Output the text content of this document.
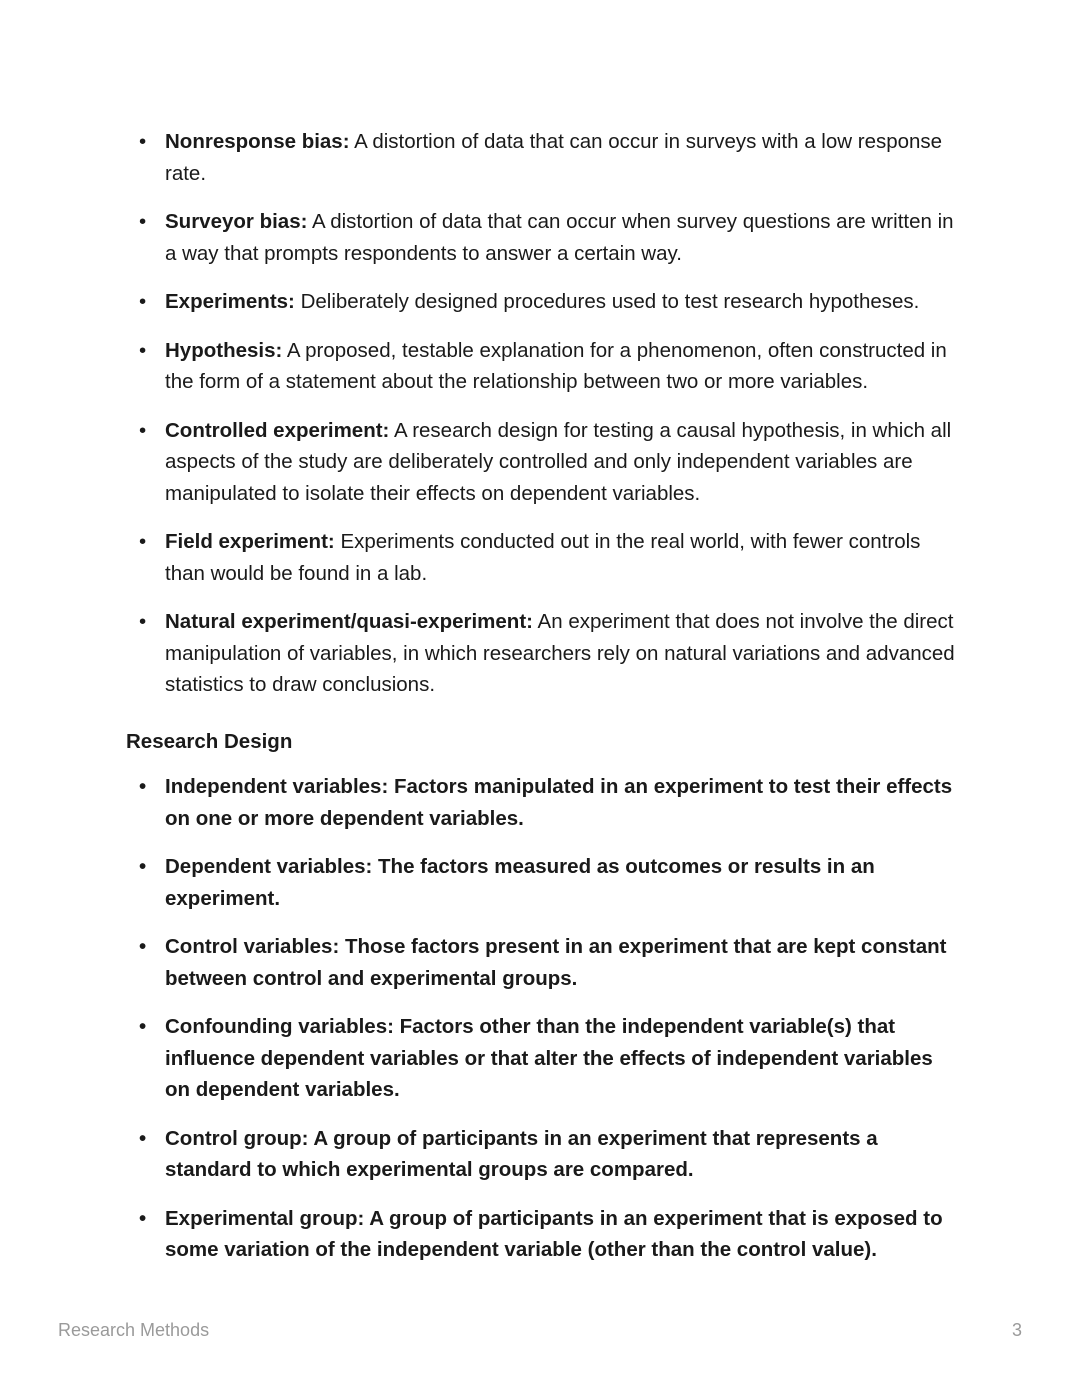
• Nonresponse bias: A distortion of data that can occur in surveys with a low response rate.
• Surveyor bias: A distortion of data that can occur when survey questions are written in a way that prompts respondents to answer a certain way.
• Experiments: Deliberately designed procedures used to test research hypotheses.
• Hypothesis: A proposed, testable explanation for a phenomenon, often constructed in the form of a statement about the relationship between two or more variables.
• Controlled experiment: A research design for testing a causal hypothesis, in which all aspects of the study are deliberately controlled and only independent variables are manipulated to isolate their effects on dependent variables.
• Field experiment: Experiments conducted out in the real world, with fewer controls than would be found in a lab.
• Natural experiment/quasi-experiment: An experiment that does not involve the direct manipulation of variables, in which researchers rely on natural variations and advanced statistics to draw conclusions.
Research Design
• Independent variables: Factors manipulated in an experiment to test their effects on one or more dependent variables.
• Dependent variables: The factors measured as outcomes or results in an experiment.
• Control variables: Those factors present in an experiment that are kept constant between control and experimental groups.
• Confounding variables: Factors other than the independent variable(s) that influence dependent variables or that alter the effects of independent variables on dependent variables.
• Control group: A group of participants in an experiment that represents a standard to which experimental groups are compared.
• Experimental group: A group of participants in an experiment that is exposed to some variation of the independent variable (other than the control value).
Research Methods	3
